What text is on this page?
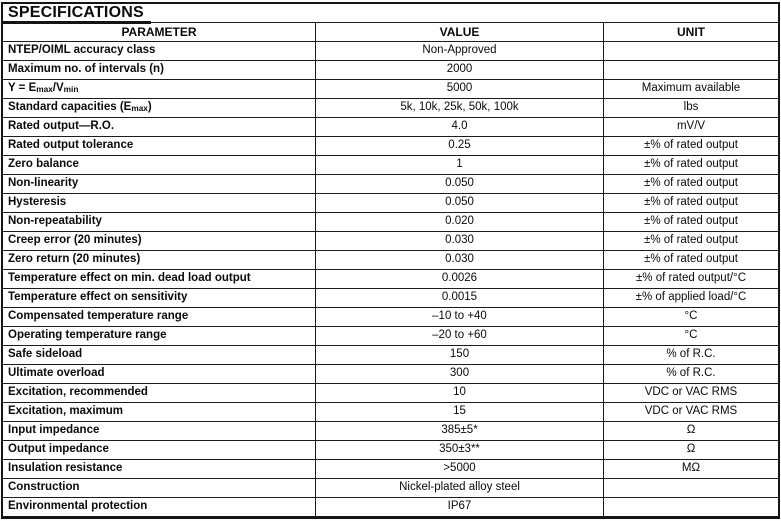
SPECIFICATIONS
PARAMETER	VALUE	UNIT
NTEP/OIML accuracy class	Non-Approved
Maximum no. of intervals (n)	2000
$Y = E_{max}$ $/V_{min}$	5000	Maximum available
Standard capacities ($E_{max}$ )	5k, 10k, 25k, 50k, 100k	lbs
Rated output—R.O.	4.0	mV/V
Rated output tolerance	0.25	±% of rated output
Zero balance	1	±% of rated output
Non-linearity	0.050	±% of rated output
Hysteresis	0.050	±% of rated output
Non-repeatability	0.020	±% of rated output
Creep error (20 minutes)	0.030	±% of rated output
Zero return (20 minutes)	0.030	±% of rated output
Temperature effect on min. dead load output	0.0026	±% of rated output/°C
Temperature effect on sensitivity	0.0015	±% of applied load/°C
Compensated temperature range	–10 to +40	°C
Operating temperature range	–20 to +60	°C
Safe sideload	150	% of R.C.
Ultimate overload	300	% of R.C.
Excitation, recommended	10	VDC or VAC RMS
Excitation, maximum	15	VDC or VAC RMS
Input impedance	385±5*	Ω
Output impedance	350±3**	Ω
Insulation resistance	>5000	MΩ
Construction	Nickel-plated alloy steel
Environmental protection	IP67
